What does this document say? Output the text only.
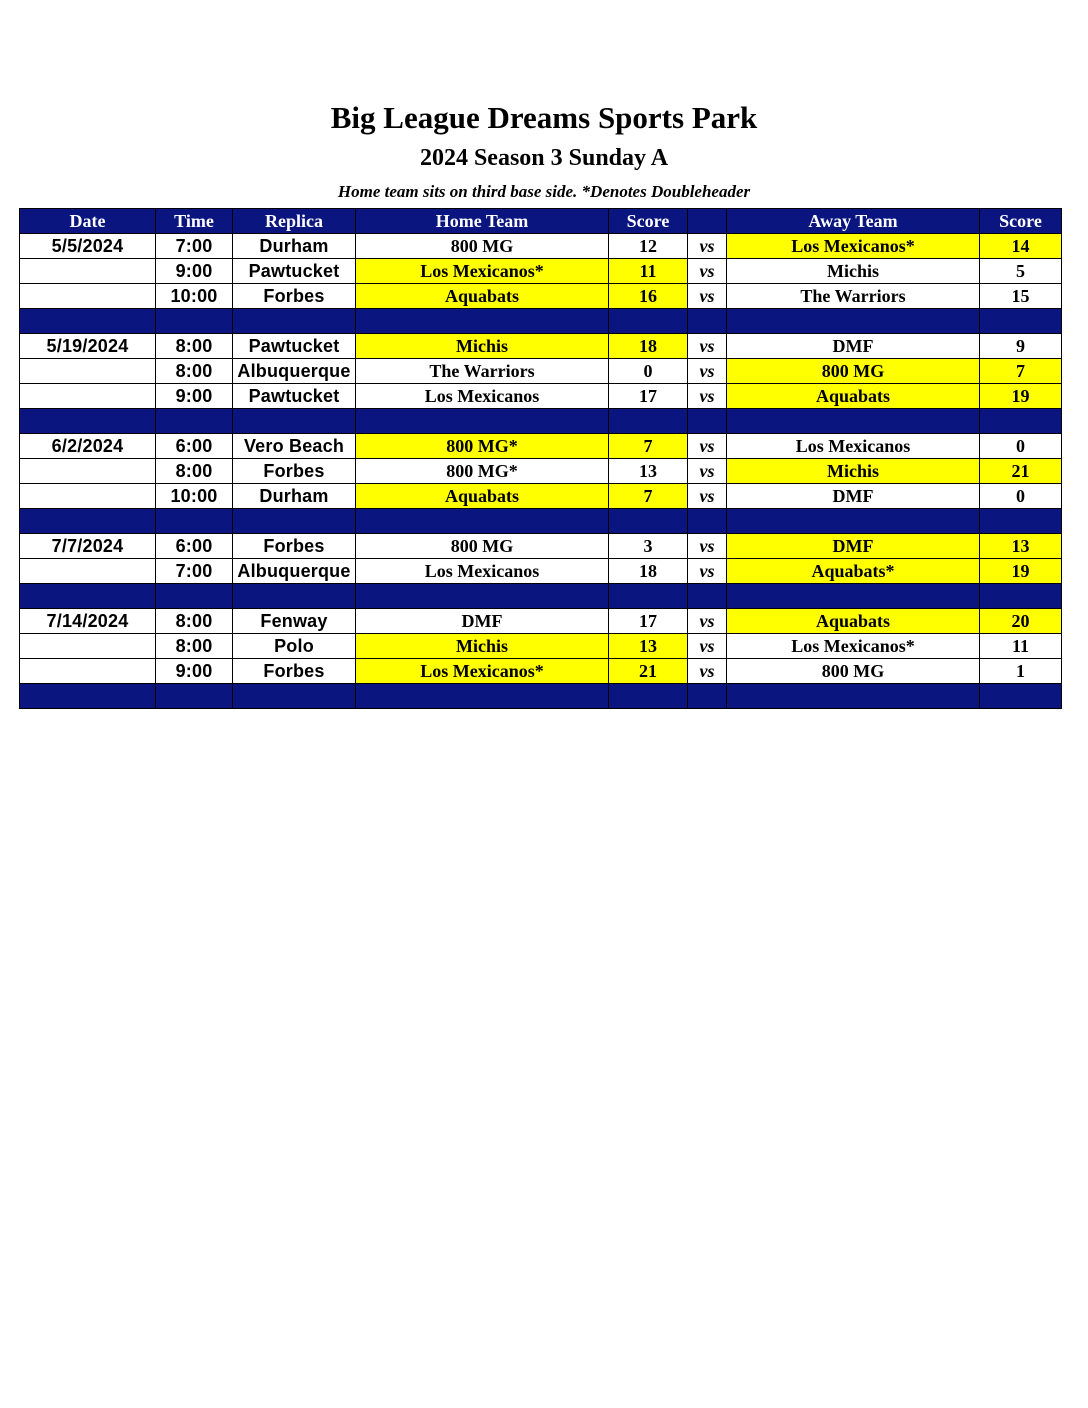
Big League Dreams Sports Park
2024 Season 3 Sunday A
Home team sits on third base side. *Denotes Doubleheader
Date	Time	Replica	Home Team	Score		Away Team	Score
5/5/2024	7:00	Durham	800 MG	12	vs	Los Mexicanos*	14
	9:00	Pawtucket	Los Mexicanos*	11	vs	Michis	5
	10:00	Forbes	Aquabats	16	vs	The Warriors	15

5/19/2024	8:00	Pawtucket	Michis	18	vs	DMF	9
	8:00	Albuquerque	The Warriors	0	vs	800 MG	7
	9:00	Pawtucket	Los Mexicanos	17	vs	Aquabats	19

6/2/2024	6:00	Vero Beach	800 MG*	7	vs	Los Mexicanos	0
	8:00	Forbes	800 MG*	13	vs	Michis	21
	10:00	Durham	Aquabats	7	vs	DMF	0

7/7/2024	6:00	Forbes	800 MG	3	vs	DMF	13
	7:00	Albuquerque	Los Mexicanos	18	vs	Aquabats*	19

7/14/2024	8:00	Fenway	DMF	17	vs	Aquabats	20
	8:00	Polo	Michis	13	vs	Los Mexicanos*	11
	9:00	Forbes	Los Mexicanos*	21	vs	800 MG	1
